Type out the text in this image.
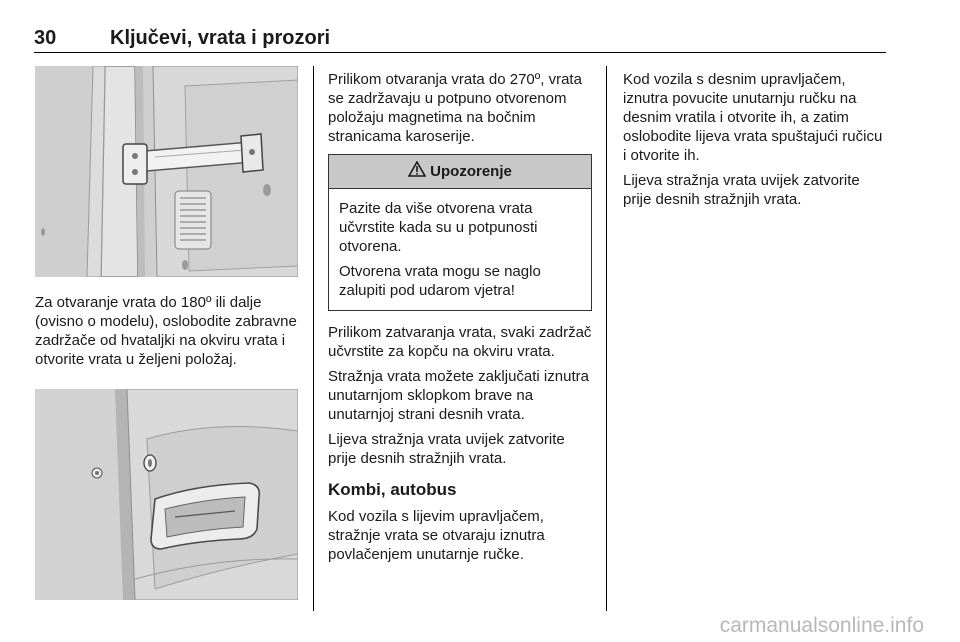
30	Ključevi, vrata i prozori

Za otvaranje vrata do 180º ili dalje (ovisno o modelu), oslobodite zabravne zadržače od hvataljki na okviru vrata i otvorite vrata u željeni položaj.

Prilikom otvaranja vrata do 270º, vrata se zadržavaju u potpuno otvorenom položaju magnetima na bočnim stranicama karoserije.

Upozorenje

Pazite da više otvorena vrata učvrstite kada su u potpunosti otvorena.

Otvorena vrata mogu se naglo zalupiti pod udarom vjetra!

Prilikom zatvaranja vrata, svaki zadržač učvrstite za kopču na okviru vrata.

Stražnja vrata možete zaključati iznutra unutarnjom sklopkom brave na unutarnjoj strani desnih vrata.

Lijeva stražnja vrata uvijek zatvorite prije desnih stražnjih vrata.

Kombi, autobus

Kod vozila s lijevim upravljačem, stražnje vrata se otvaraju iznutra povlačenjem unutarnje ručke.

Kod vozila s desnim upravljačem, iznutra povucite unutarnju ručku na desnim vratila i otvorite ih, a zatim oslobodite lijeva vrata spuštajući ručicu i otvorite ih.

Lijeva stražnja vrata uvijek zatvorite prije desnih stražnjih vrata.

carmanualsonline.info
